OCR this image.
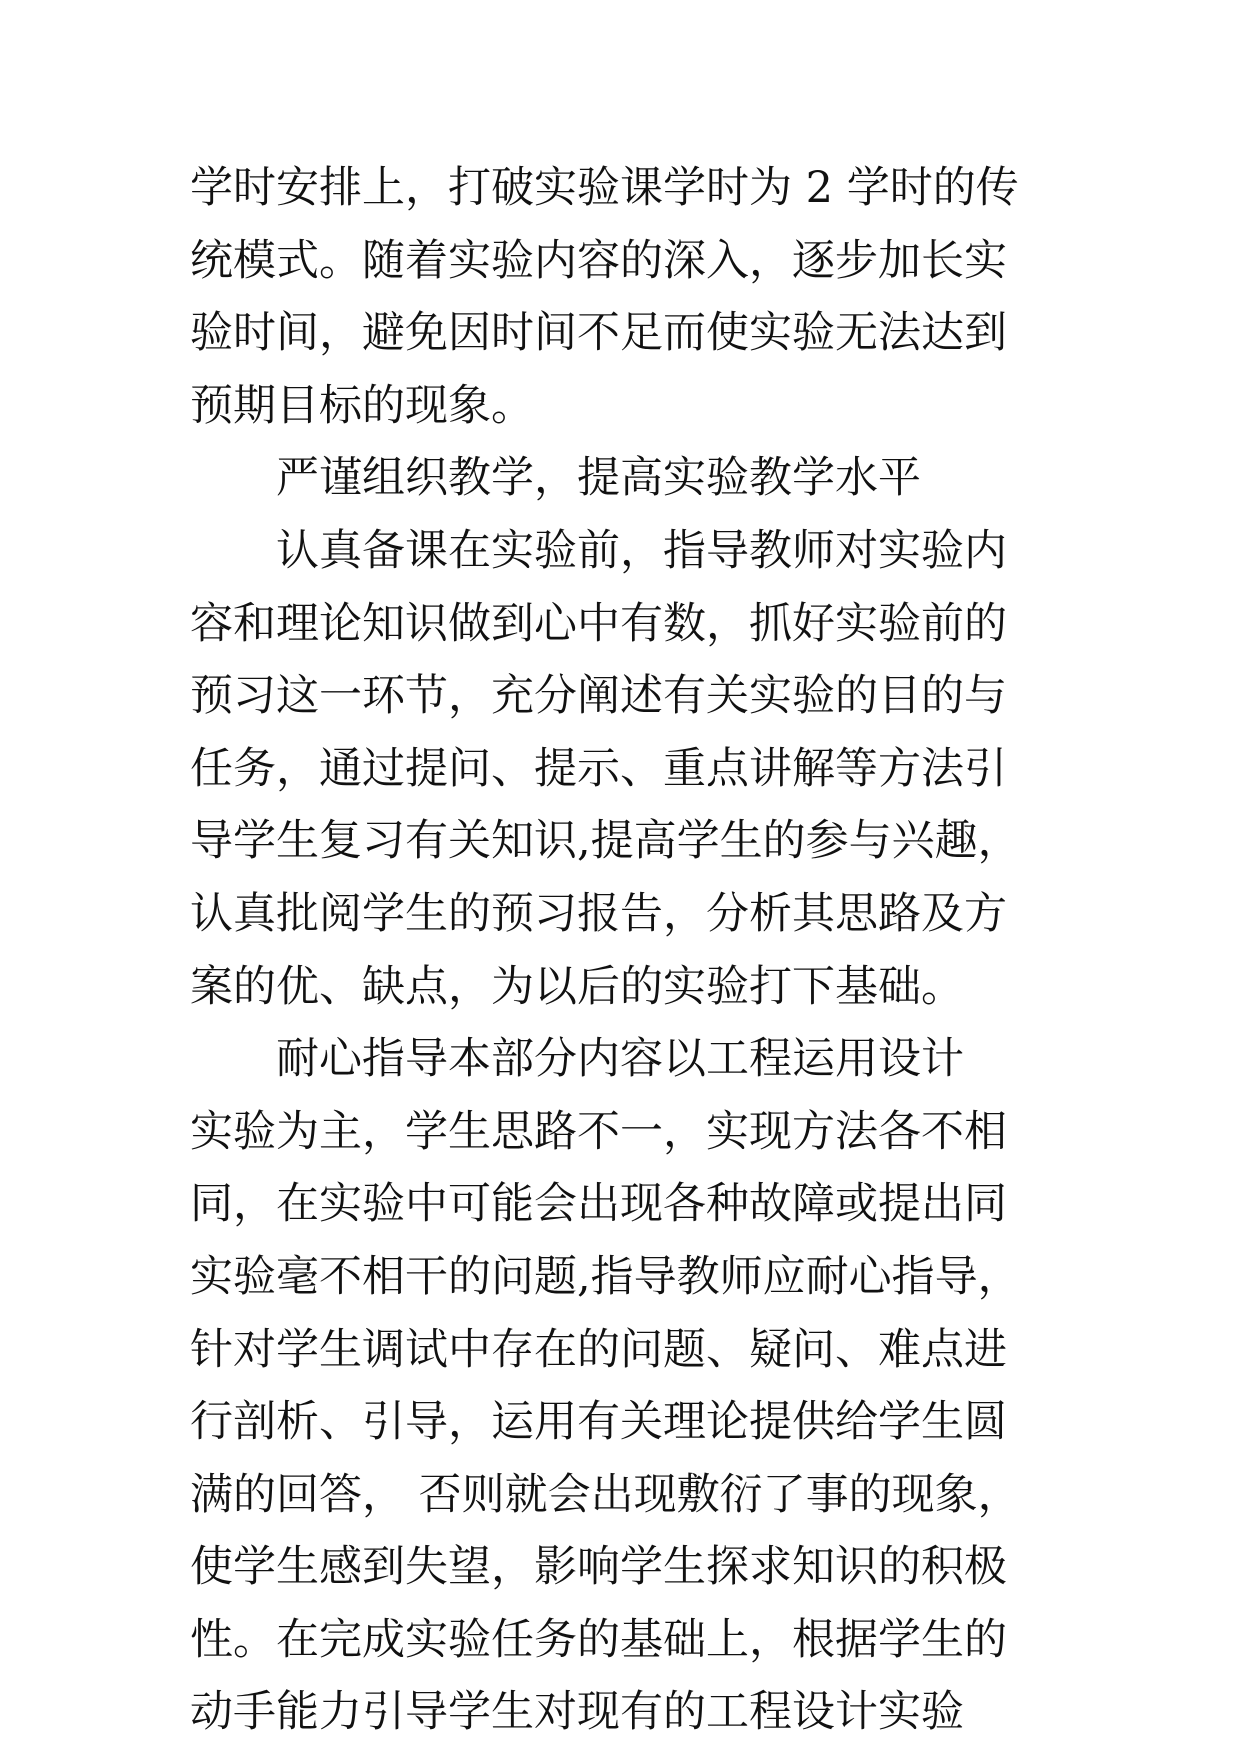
学时安排上，打破实验课学时为 2 学时的传
统模式。随着实验内容的深入，逐步加长实
验时间，避免因时间不足而使实验无法达到
预期目标的现象。
严谨组织教学，提高实验教学水平
认真备课在实验前，指导教师对实验内
容和理论知识做到心中有数，抓好实验前的
预习这一环节，充分阐述有关实验的目的与
任务，通过提问、提示、重点讲解等方法引
导学生复习有关知识,提高学生的参与兴趣，
认真批阅学生的预习报告，分析其思路及方
案的优、缺点，为以后的实验打下基础。
耐心指导本部分内容以工程运用设计
实验为主，学生思路不一，实现方法各不相
同，在实验中可能会出现各种故障或提出同
实验毫不相干的问题,指导教师应耐心指导，
针对学生调试中存在的问题、疑问、难点进
行剖析、引导，运用有关理论提供给学生圆
满的回答， 否则就会出现敷衍了事的现象，
使学生感到失望，影响学生探求知识的积极
性。在完成实验任务的基础上，根据学生的
动手能力引导学生对现有的工程设计实验
